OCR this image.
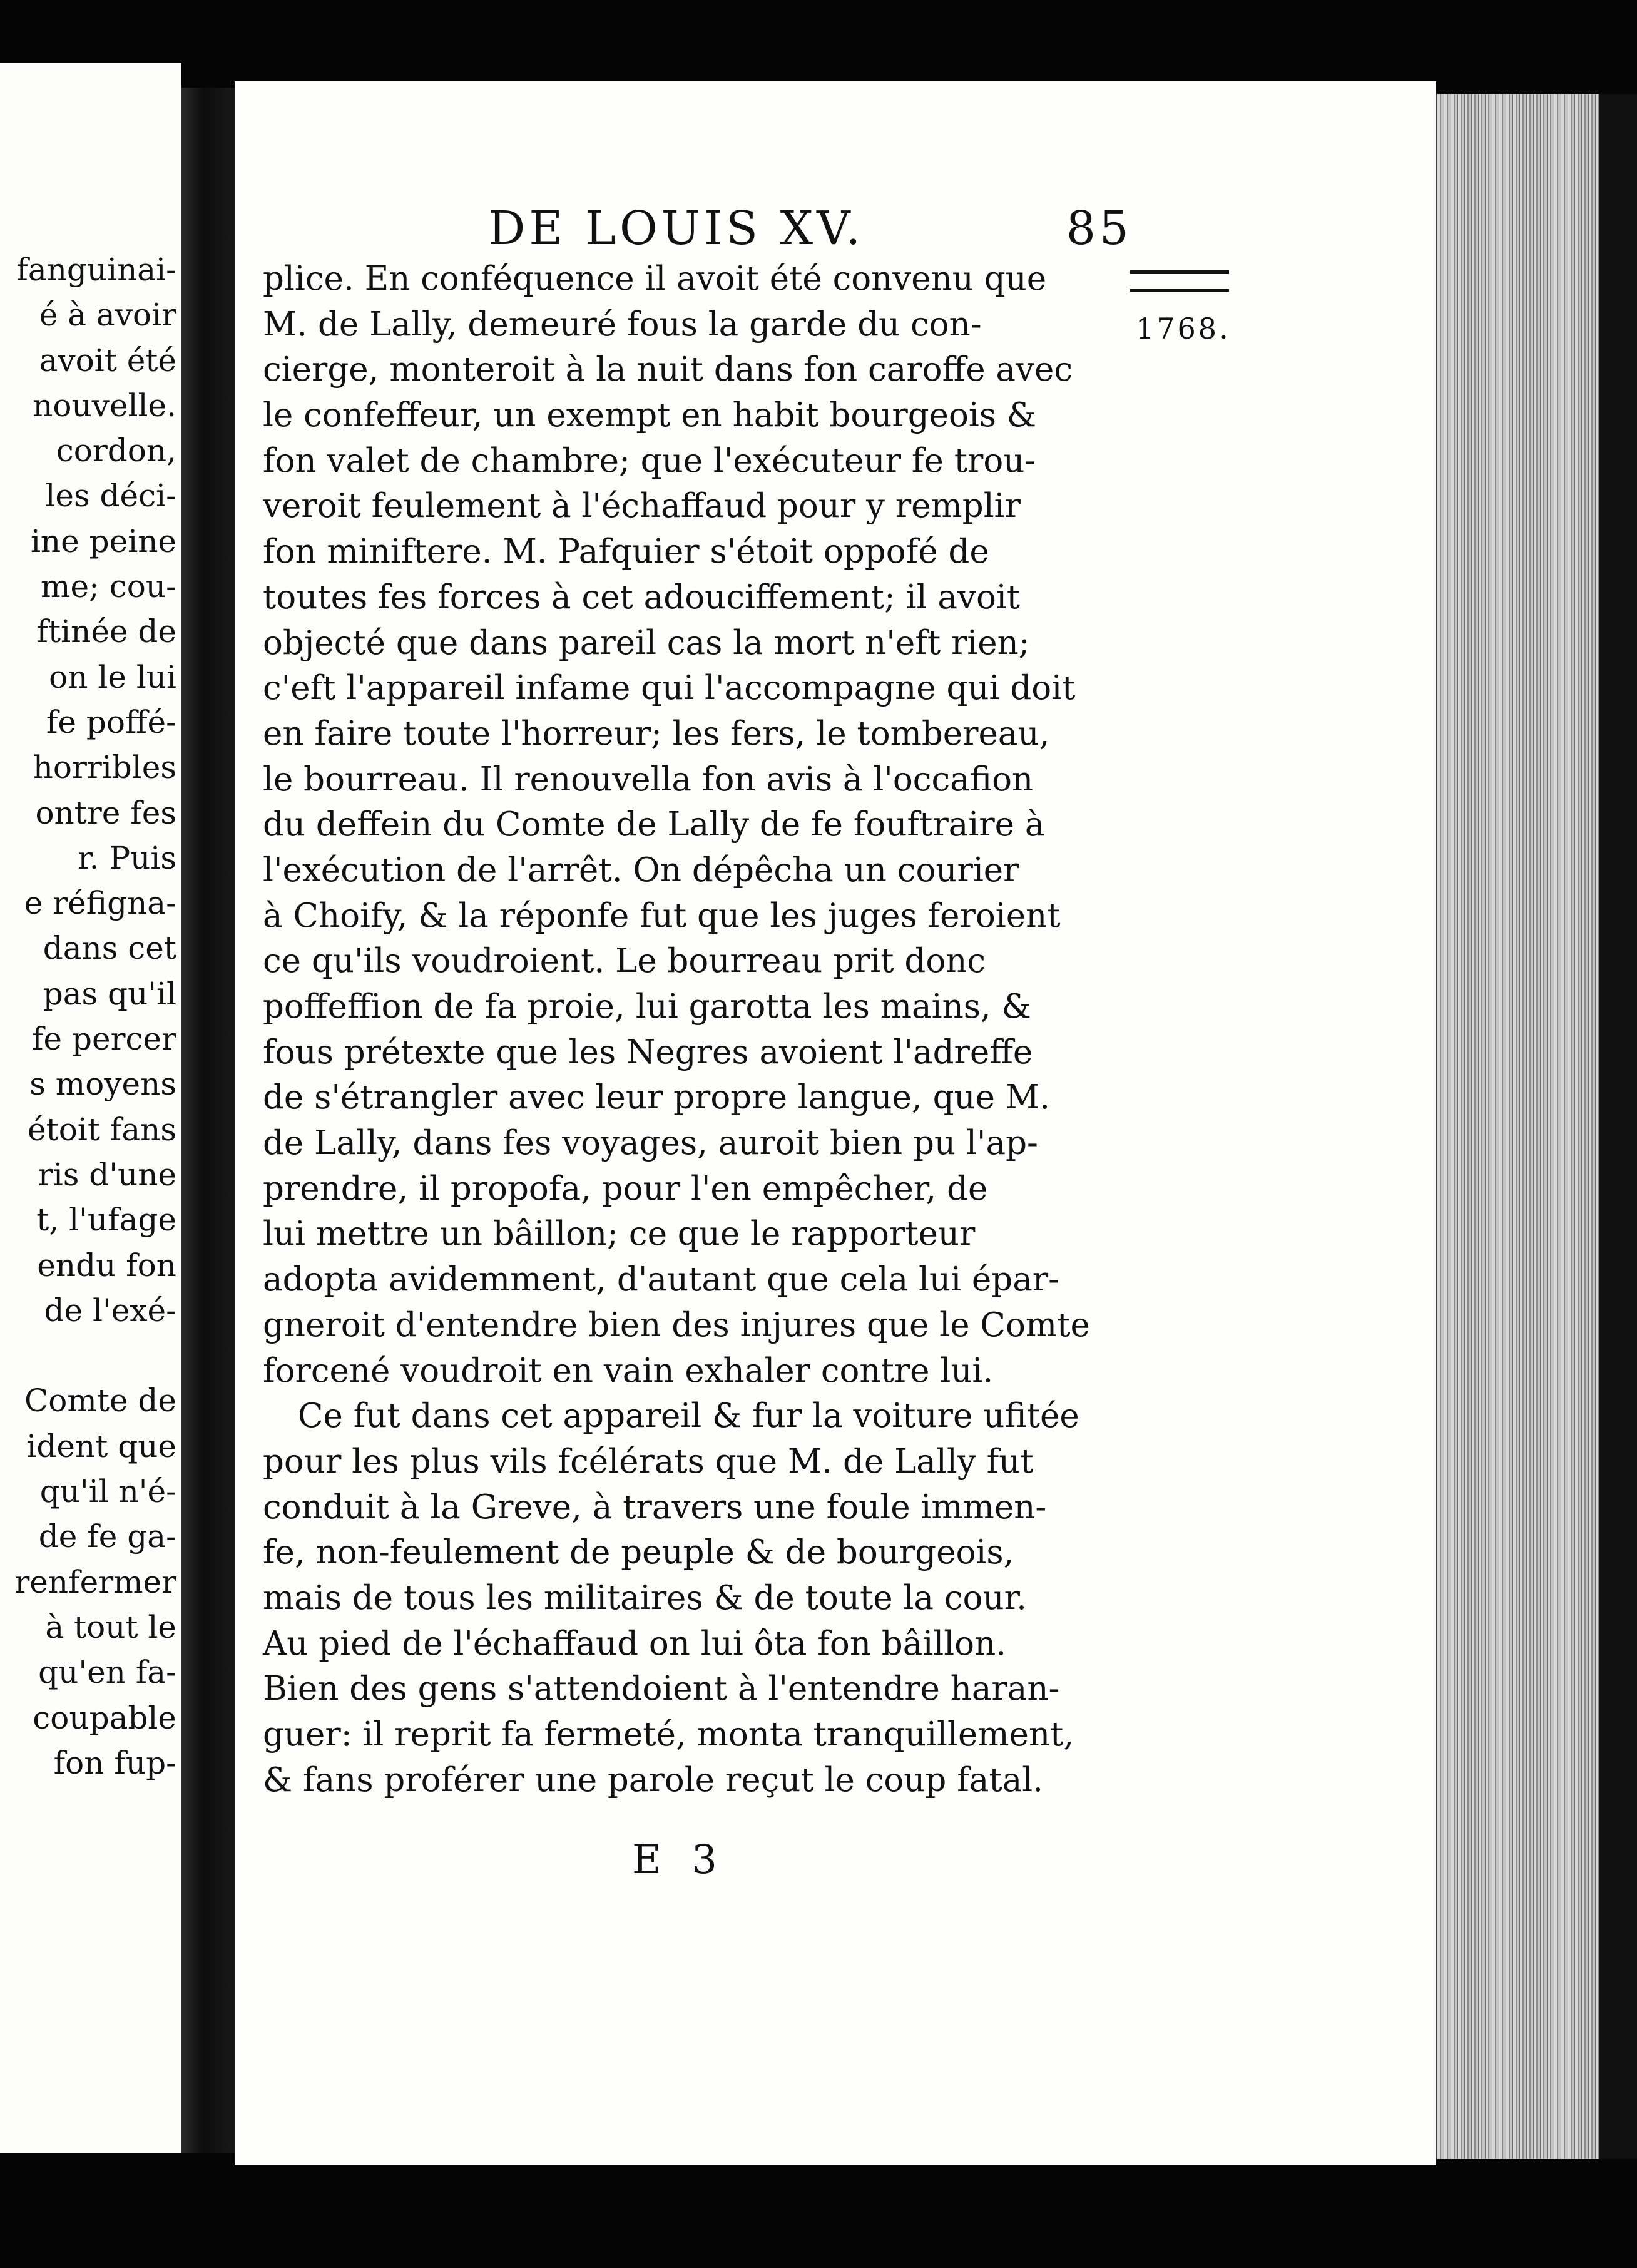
fanguinai-
é à avoir
avoit été
nouvelle.
cordon,
les déci-
ine peine
me; cou-
ftinée de
on le lui
fe poffé-
horribles
ontre fes
r. Puis
e réfigna-
dans cet
pas qu'il
fe percer
s moyens
étoit fans
ris d'une
t, l'ufage
endu fon
de l'exé-

Comte de
ident que
qu'il n'é-
de fe ga-
renfermer
à tout le
qu'en fa-
coupable
fon fup-
DE LOUIS XV.	85
1768.
plice. En conféquence il avoit été convenu que
M. de Lally, demeuré fous la garde du con-
cierge, monteroit à la nuit dans fon caroffe avec
le confeffeur, un exempt en habit bourgeois &
fon valet de chambre; que l'exécuteur fe trou-
veroit feulement à l'échaffaud pour y remplir
fon miniftere. M. Pafquier s'étoit oppofé de
toutes fes forces à cet adouciffement; il avoit
objecté que dans pareil cas la mort n'eft rien;
c'eft l'appareil infame qui l'accompagne qui doit
en faire toute l'horreur; les fers, le tombereau,
le bourreau. Il renouvella fon avis à l'occafion
du deffein du Comte de Lally de fe fouftraire à
l'exécution de l'arrêt. On dépêcha un courier
à Choify, & la réponfe fut que les juges feroient
ce qu'ils voudroient. Le bourreau prit donc
poffeffion de fa proie, lui garotta les mains, &
fous prétexte que les Negres avoient l'adreffe
de s'étrangler avec leur propre langue, que M.
de Lally, dans fes voyages, auroit bien pu l'ap-
prendre, il propofa, pour l'en empêcher, de
lui mettre un bâillon; ce que le rapporteur
adopta avidemment, d'autant que cela lui épar-
gneroit d'entendre bien des injures que le Comte
forcené voudroit en vain exhaler contre lui.
Ce fut dans cet appareil & fur la voiture ufitée
pour les plus vils fcélérats que M. de Lally fut
conduit à la Greve, à travers une foule immen-
fe, non-feulement de peuple & de bourgeois,
mais de tous les militaires & de toute la cour.
Au pied de l'échaffaud on lui ôta fon bâillon.
Bien des gens s'attendoient à l'entendre haran-
guer: il reprit fa fermeté, monta tranquillement,
& fans proférer une parole reçut le coup fatal.
E 3
